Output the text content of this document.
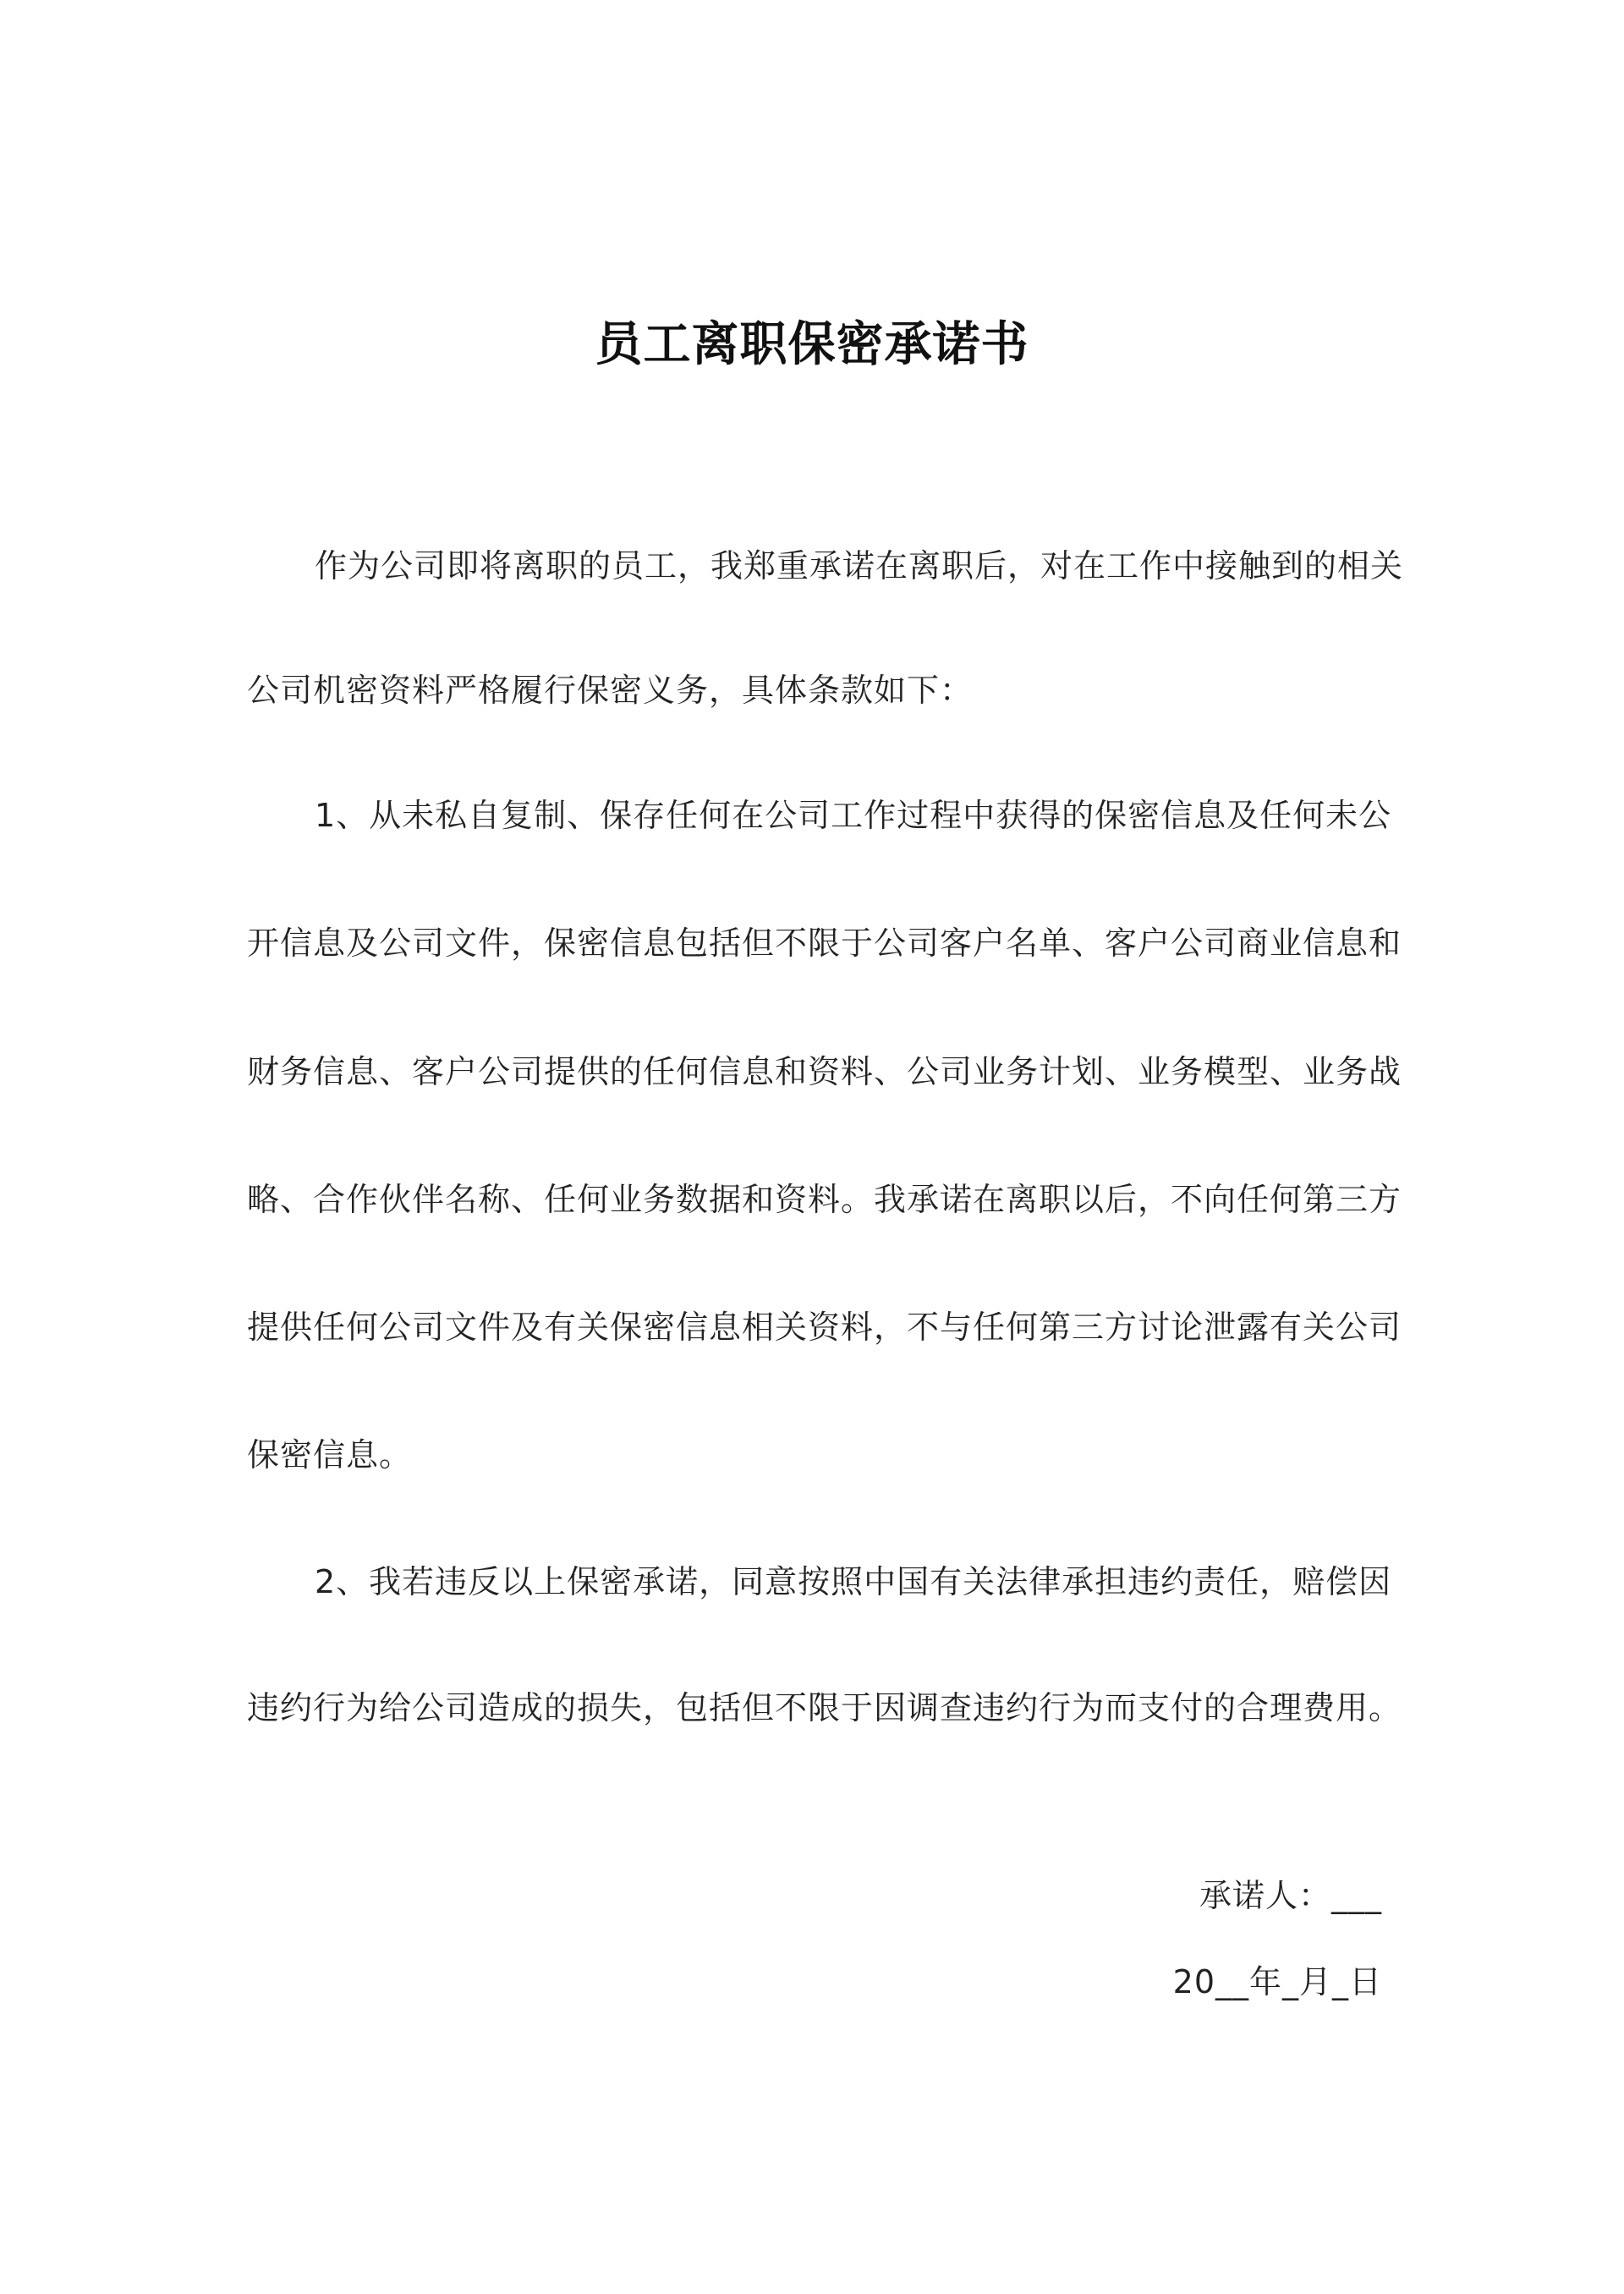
员工离职保密承诺书
作为公司即将离职的员工，我郑重承诺在离职后，对在工作中接触到的相关
公司机密资料严格履行保密义务，具体条款如下：
1、从未私自复制、保存任何在公司工作过程中获得的保密信息及任何未公
开信息及公司文件，保密信息包括但不限于公司客户名单、客户公司商业信息和
财务信息、客户公司提供的任何信息和资料、公司业务计划、业务模型、业务战
略、合作伙伴名称、任何业务数据和资料。我承诺在离职以后，不向任何第三方
提供任何公司文件及有关保密信息相关资料，不与任何第三方讨论泄露有关公司
保密信息。
2、我若违反以上保密承诺，同意按照中国有关法律承担违约责任，赔偿因
违约行为给公司造成的损失，包括但不限于因调查违约行为而支付的合理费用。
承诺人：___
20__年_月_日
